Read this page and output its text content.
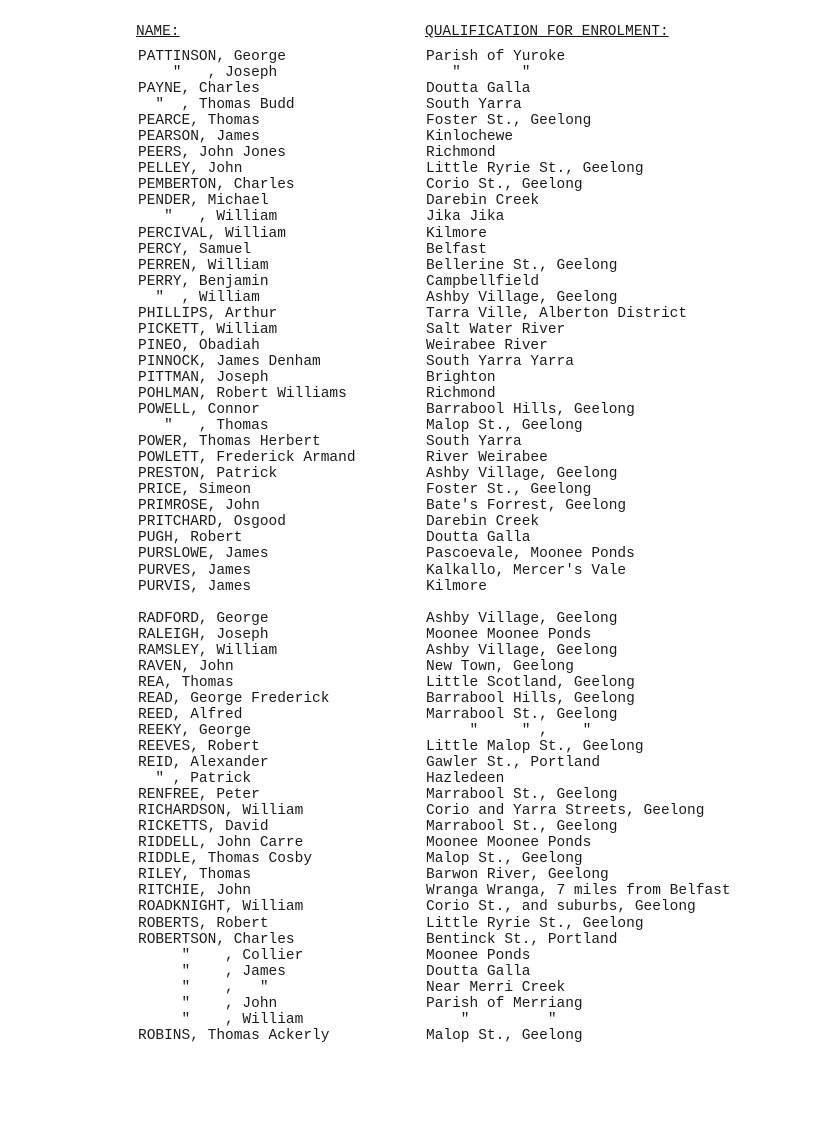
NAME:	QUALIFICATION FOR ENROLMENT:
PATTINSON, George
"   , Joseph
PAYNE, Charles
"  , Thomas Budd
PEARCE, Thomas
PEARSON, James
PEERS, John Jones
PELLEY, John
PEMBERTON, Charles
PENDER, Michael
"   , William
PERCIVAL, William
PERCY, Samuel
PERREN, William
PERRY, Benjamin
"  , William
PHILLIPS, Arthur
PICKETT, William
PINEO, Obadiah
PINNOCK, James Denham
PITTMAN, Joseph
POHLMAN, Robert Williams
POWELL, Connor
"   , Thomas
POWER, Thomas Herbert
POWLETT, Frederick Armand
PRESTON, Patrick
PRICE, Simeon
PRIMROSE, John
PRITCHARD, Osgood
PUGH, Robert
PURSLOWE, James
PURVES, James
PURVIS, James
RADFORD, George
RALEIGH, Joseph
RAMSLEY, William
RAVEN, John
REA, Thomas
READ, George Frederick
REED, Alfred
REEKY, George
REEVES, Robert
REID, Alexander
" , Patrick
RENFREE, Peter
RICHARDSON, William
RICKETTS, David
RIDDELL, John Carre
RIDDLE, Thomas Cosby
RILEY, Thomas
RITCHIE, John
ROADKNIGHT, William
ROBERTS, Robert
ROBERTSON, Charles
"    , Collier
"    , James
"    ,   "
"    , John
"    , William
ROBINS, Thomas Ackerly
Parish of Yuroke
"       "
Doutta Galla
South Yarra
Foster St., Geelong
Kinlochewe
Richmond
Little Ryrie St., Geelong
Corio St., Geelong
Darebin Creek
Jika Jika
Kilmore
Belfast
Bellerine St., Geelong
Campbellfield
Ashby Village, Geelong
Tarra Ville, Alberton District
Salt Water River
Weirabee River
South Yarra Yarra
Brighton
Richmond
Barrabool Hills, Geelong
Malop St., Geelong
South Yarra
River Weirabee
Ashby Village, Geelong
Foster St., Geelong
Bate's Forrest, Geelong
Darebin Creek
Doutta Galla
Pascoevale, Moonee Ponds
Kalkallo, Mercer's Vale
Kilmore
Ashby Village, Geelong
Moonee Moonee Ponds
Ashby Village, Geelong
New Town, Geelong
Little Scotland, Geelong
Barrabool Hills, Geelong
Marrabool St., Geelong
"     " ,    "
Little Malop St., Geelong
Gawler St., Portland
Hazledeen
Marrabool St., Geelong
Corio and Yarra Streets, Geelong
Marrabool St., Geelong
Moonee Moonee Ponds
Malop St., Geelong
Barwon River, Geelong
Wranga Wranga, 7 miles from Belfast
Corio St., and suburbs, Geelong
Little Ryrie St., Geelong
Bentinck St., Portland
Moonee Ponds
Doutta Galla
Near Merri Creek
Parish of Merriang
"         "
Malop St., Geelong
